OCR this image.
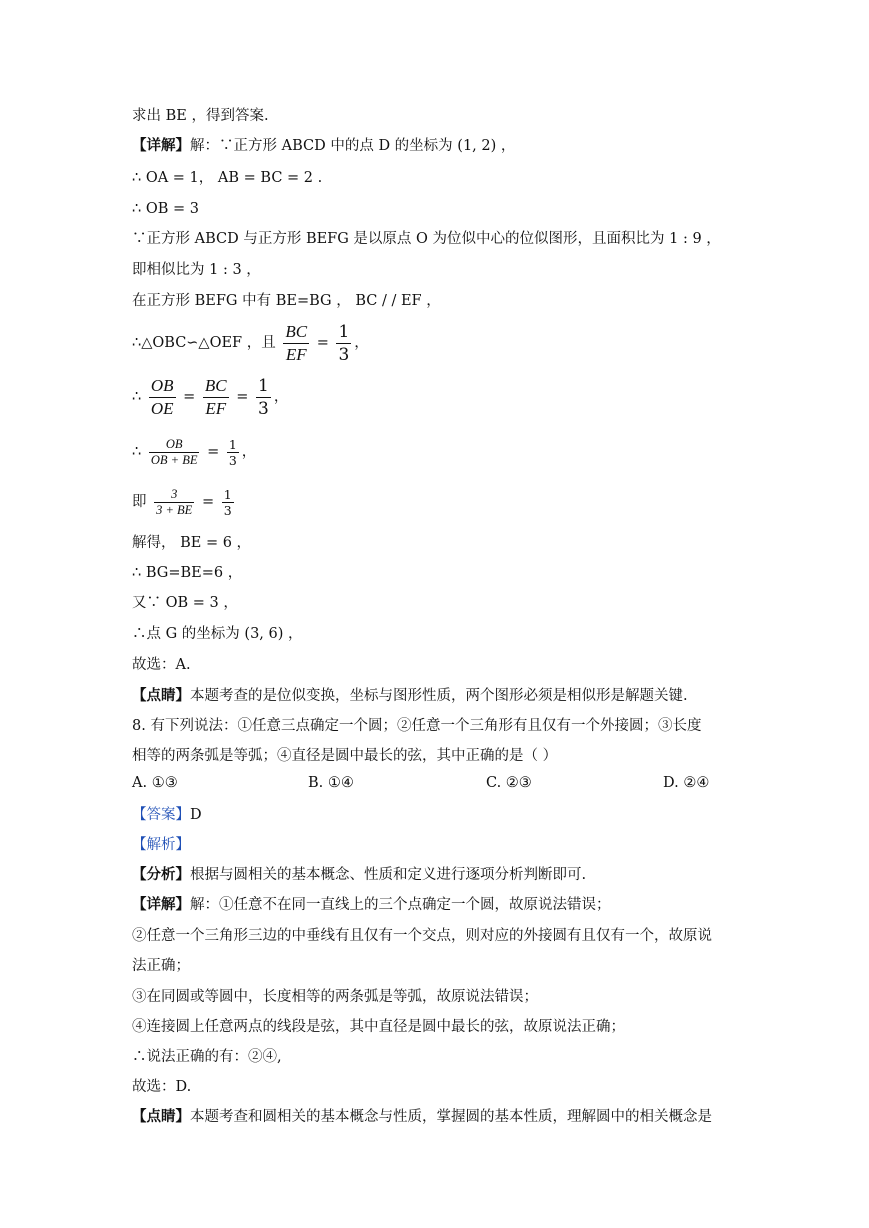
求出 BE ，得到答案.
【详解】解：∵正方形 ABCD 中的点 D 的坐标为 (1, 2) ，
∴ OA = 1， AB = BC = 2 .
∴ OB = 3
∵正方形 ABCD 与正方形 BEFG 是以原点 O 为位似中心的位似图形，且面积比为 1 : 9 ，
即相似比为 1 : 3 ，
在正方形 BEFG 中有 BE=BG ， BC / / EF ，
∴△OBC∽△OEF ，且 $\frac{BC}{EF} = \frac{1}{3}$ ，
∴ $\frac{OB}{OE} = \frac{BC}{EF} = \frac{1}{3}$ ，
∴ $\frac{OB}{OB + BE} = \frac{1}{3}$ ，
即 $\frac{3}{3 + BE} = \frac{1}{3}$
解得， BE = 6 ，
∴ BG=BE=6 ，
又∵ OB = 3 ，
∴点 G 的坐标为 (3, 6) ，
故选：A.
【点睛】本题考查的是位似变换，坐标与图形性质，两个图形必须是相似形是解题关键.
8. 有下列说法：①任意三点确定一个圆；②任意一个三角形有且仅有一个外接圆；③长度
相等的两条弧是等弧；④直径是圆中最长的弦，其中正确的是（ ）
A. ①③	B. ①④	C. ②③	D. ②④
【答案】D
【解析】
【分析】根据与圆相关的基本概念、性质和定义进行逐项分析判断即可.
【详解】解：①任意不在同一直线上的三个点确定一个圆，故原说法错误；
②任意一个三角形三边的中垂线有且仅有一个交点，则对应的外接圆有且仅有一个，故原说
法正确；
③在同圆或等圆中，长度相等的两条弧是等弧，故原说法错误；
④连接圆上任意两点的线段是弦，其中直径是圆中最长的弦，故原说法正确；
∴说法正确的有：②④,
故选：D.
【点睛】本题考查和圆相关的基本概念与性质，掌握圆的基本性质，理解圆中的相关概念是
